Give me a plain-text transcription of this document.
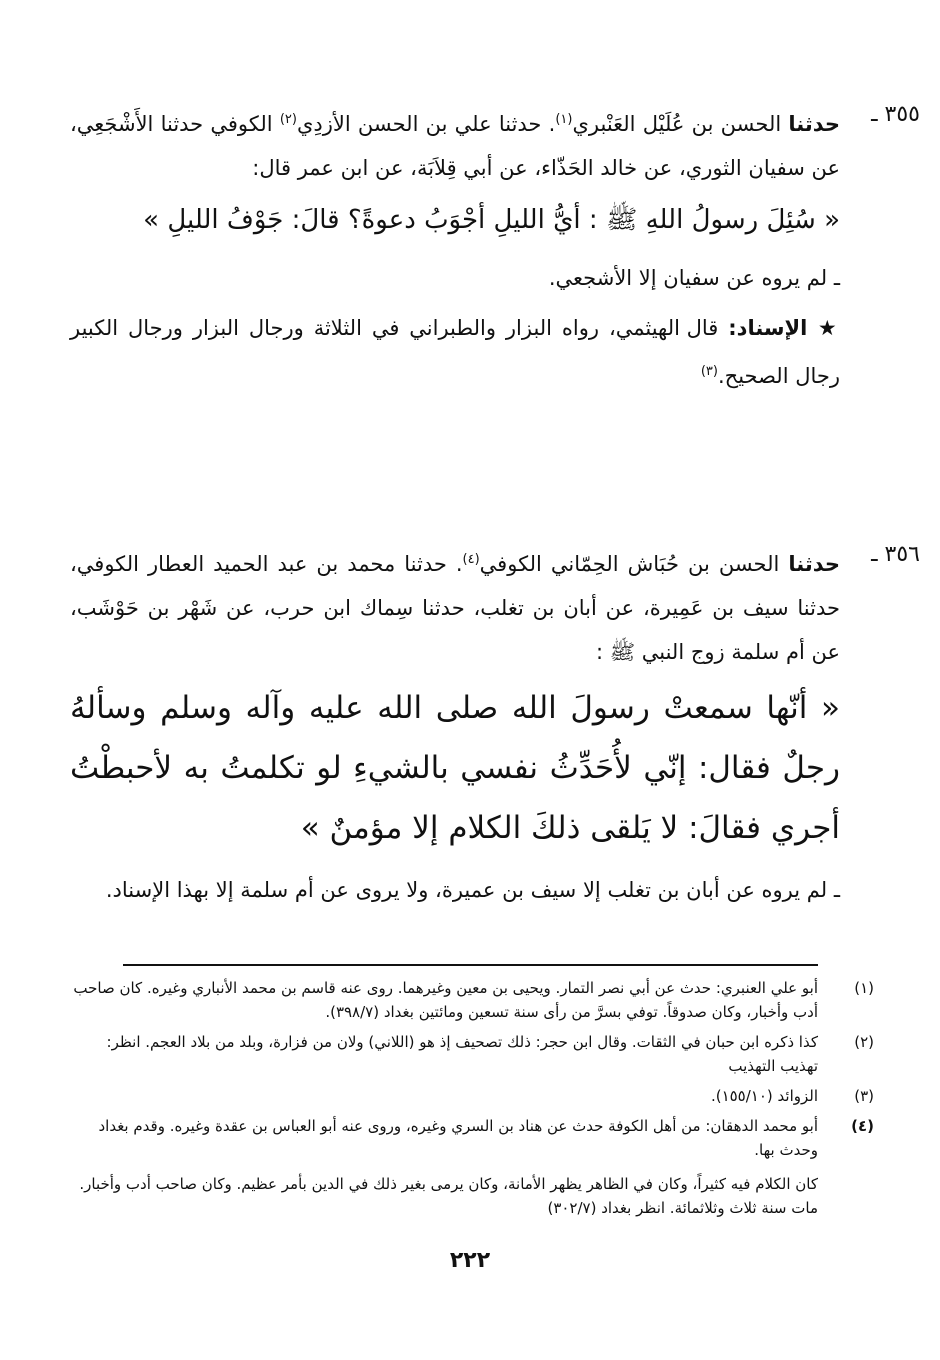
٣٥٥ ـ

حدثنا الحسن بن عُلَيْل العَنْبري$^{(١)}$. حدثنا علي بن الحسن الأزدِي$^{(٢)}$ الكوفي حدثنا الأَشْجَعِي، عن سفيان الثوري، عن خالد الحَذّاء، عن أبي قِلاَبَة، عن ابن عمر قال:

« سُئِلَ رسولُ اللهِ ﷺ : أيُّ الليلِ أجْوَبُ دعوةً؟ قالَ: جَوْفُ الليلِ »

ـ لم يروه عن سفيان إلا الأشجعي.

★ الإسناد: قال الهيثمي، رواه البزار والطبراني في الثلاثة ورجال البزار ورجال الكبير رجال الصحيح.$^{(٣)}$

٣٥٦ ـ

حدثنا الحسن بن حُبَاش الحِمّاني الكوفي$^{(٤)}$. حدثنا محمد بن عبد الحميد العطار الكوفي، حدثنا سيف بن عَمِيرة، عن أبان بن تغلب، حدثنا سِماك ابن حرب، عن شَهْر بن حَوْشَب، عن أم سلمة زوج النبي ﷺ :

« أنّها سمعتْ رسولَ الله صلى الله عليه وآله وسلم وسألهُ رجلٌ فقال: إنّي لأُحَدِّثُ نفسي بالشيءِ لو تكلمتُ به لأحبطْتُ أجري فقالَ: لا يَلقى ذلكَ الكلام إلا مؤمنٌ »

ـ لم يروه عن أبان بن تغلب إلا سيف بن عميرة، ولا يروى عن أم سلمة إلا بهذا الإسناد.

(١)
أبو علي العنبري: حدث عن أبي نصر التمار. ويحيى بن معين وغيرهما. روى عنه قاسم بن محمد الأنباري وغيره. كان صاحب أدب وأخبار، وكان صدوقاً. توفي بسرَّ من رأى سنة تسعين ومائتين بغداد (٣٩٨/٧).

(٢)
كذا ذكره ابن حبان في الثقات. وقال ابن حجر: ذلك تصحيف إذ هو (اللاني) ولان من فزارة، وبلد من بلاد العجم. انظر: تهذيب التهذيب

(٣)
الزوائد (١٥٥/١٠).

(٤)
أبو محمد الدهقان: من أهل الكوفة حدث عن هناد بن السري وغيره، وروى عنه أبو العباس بن عقدة وغيره. وقدم بغداد وحدث بها.

كان الكلام فيه كثيراً، وكان في الظاهر يظهر الأمانة، وكان يرمى بغير ذلك في الدين بأمر عظيم. وكان صاحب أدب وأخبار. مات سنة ثلاث وثلاثمائة. انظر بغداد (٣٠٢/٧)

٢٢٢
